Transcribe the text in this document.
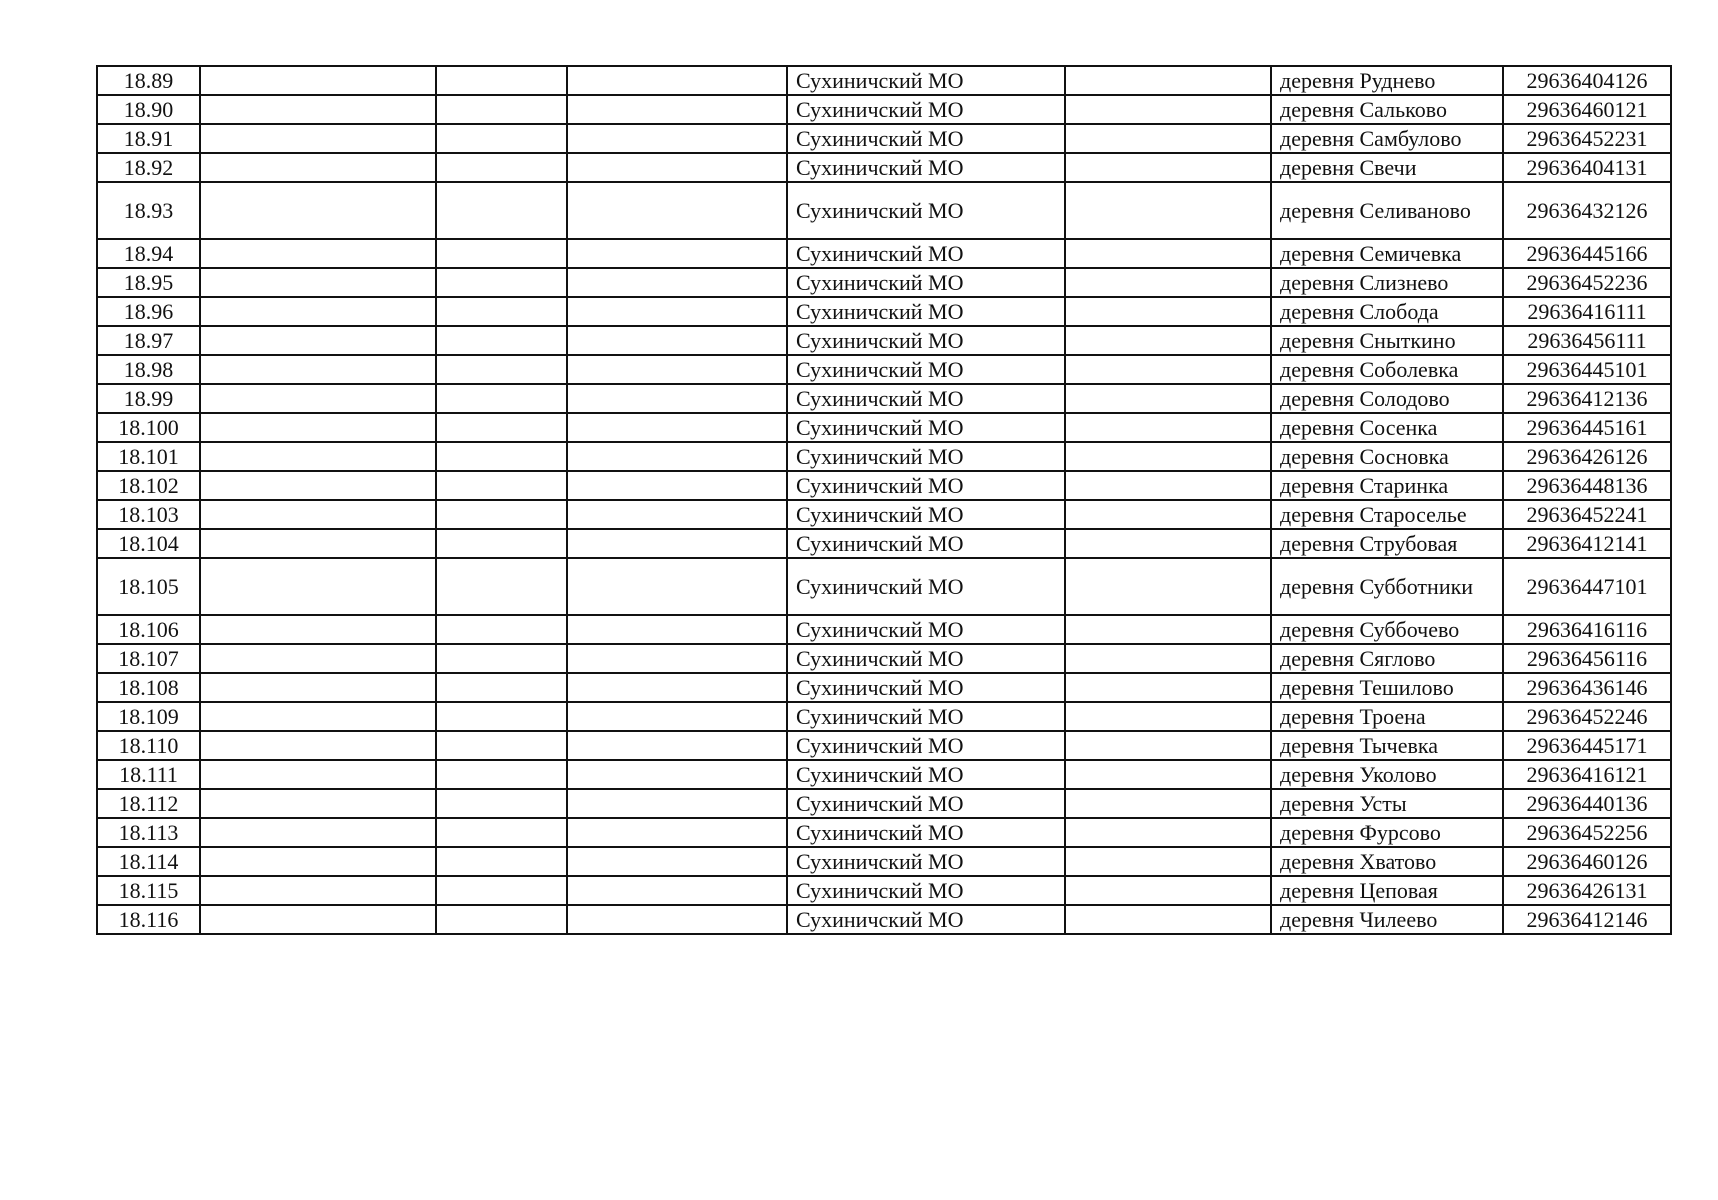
18.89				Сухиничский МО		деревня Руднево	29636404126
18.90				Сухиничский МО		деревня Сальково	29636460121
18.91				Сухиничский МО		деревня Самбулово	29636452231
18.92				Сухиничский МО		деревня Свечи	29636404131
18.93				Сухиничский МО		деревня Селиваново	29636432126
18.94				Сухиничский МО		деревня Семичевка	29636445166
18.95				Сухиничский МО		деревня Слизнево	29636452236
18.96				Сухиничский МО		деревня Слобода	29636416111
18.97				Сухиничский МО		деревня Сныткино	29636456111
18.98				Сухиничский МО		деревня Соболевка	29636445101
18.99				Сухиничский МО		деревня Солодово	29636412136
18.100				Сухиничский МО		деревня Сосенка	29636445161
18.101				Сухиничский МО		деревня Сосновка	29636426126
18.102				Сухиничский МО		деревня Старинка	29636448136
18.103				Сухиничский МО		деревня Староселье	29636452241
18.104				Сухиничский МО		деревня Струбовая	29636412141
18.105				Сухиничский МО		деревня Субботники	29636447101
18.106				Сухиничский МО		деревня Суббочево	29636416116
18.107				Сухиничский МО		деревня Сяглово	29636456116
18.108				Сухиничский МО		деревня Тешилово	29636436146
18.109				Сухиничский МО		деревня Троена	29636452246
18.110				Сухиничский МО		деревня Тычевка	29636445171
18.111				Сухиничский МО		деревня Уколово	29636416121
18.112				Сухиничский МО		деревня Усты	29636440136
18.113				Сухиничский МО		деревня Фурсово	29636452256
18.114				Сухиничский МО		деревня Хватово	29636460126
18.115				Сухиничский МО		деревня Цеповая	29636426131
18.116				Сухиничский МО		деревня Чилеево	29636412146
